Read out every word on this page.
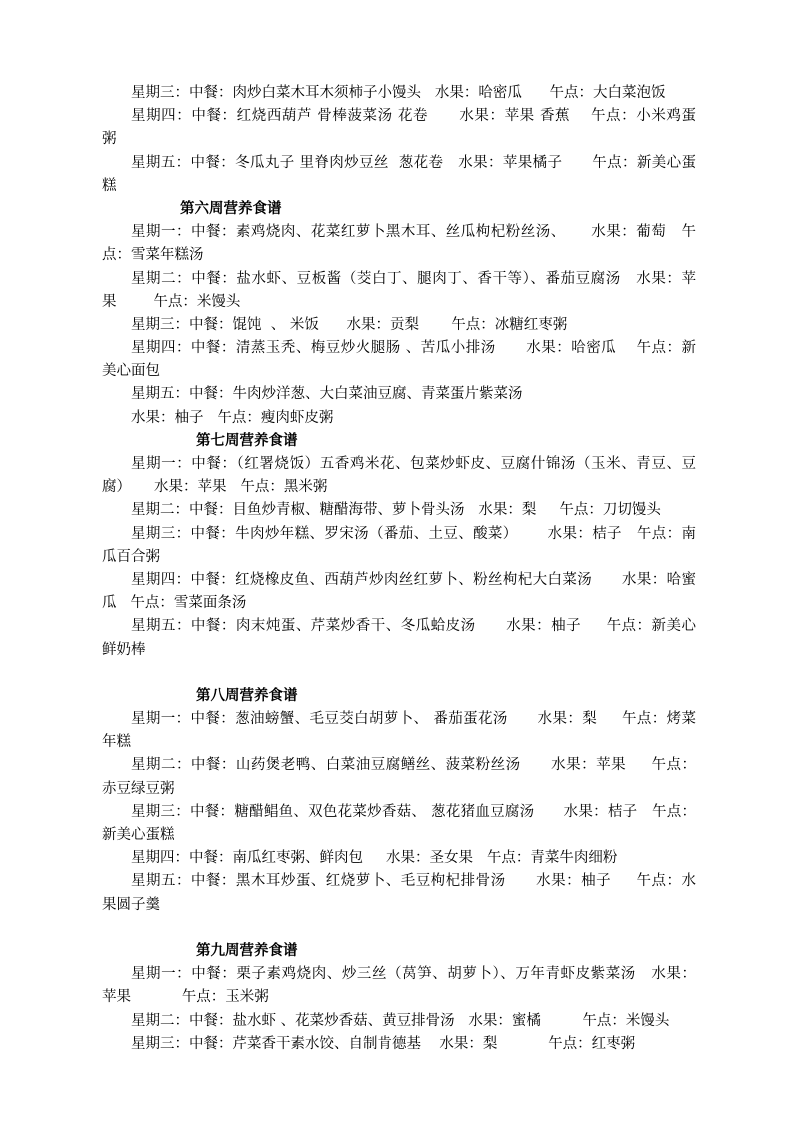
星期三：中餐：肉炒白菜木耳木须柿子小馒头   水果：哈密瓜      午点：大白菜泡饭
星期四：中餐：红烧西葫芦 骨棒菠菜汤 花卷      水果：苹果 香蕉    午点：小米鸡蛋
粥
星期五：中餐：冬瓜丸子 里脊肉炒豆丝  葱花卷   水果：苹果橘子      午点：新美心蛋
糕
第六周营养食谱
星期一：中餐：素鸡烧肉、花菜红萝卜黑木耳、丝瓜枸杞粉丝汤、     水果：葡萄   午
点：雪菜年糕汤
星期二：中餐：盐水虾、豆板酱（茭白丁、腿肉丁、香干等）、番茄豆腐汤   水果：苹
果        午点：米馒头
星期三：中餐：馄饨  、 米饭      水果：贡梨       午点：冰糖红枣粥
星期四：中餐：清蒸玉秃、梅豆炒火腿肠 、苦瓜小排汤      水果：哈密瓜    午点：新
美心面包
星期五：中餐：牛肉炒洋葱、大白菜油豆腐、青菜蛋片紫菜汤
水果：柚子   午点：瘦肉虾皮粥
第七周营养食谱
星期一：中餐：（红署烧饭）五香鸡米花、包菜炒虾皮、豆腐什锦汤（玉米、青豆、豆
腐）     水果：苹果   午点：黑米粥
星期二：中餐：目鱼炒青椒、糖醋海带、萝卜骨头汤   水果：梨     午点：刀切馒头
星期三：中餐：牛肉炒年糕、罗宋汤（番茄、土豆、酸菜）      水果：桔子   午点：南
瓜百合粥
星期四：中餐：红烧橡皮鱼、西葫芦炒肉丝红萝卜、粉丝枸杞大白菜汤      水果：哈蜜
瓜   午点：雪菜面条汤
星期五：中餐：肉末炖蛋、芹菜炒香干、冬瓜蛤皮汤      水果：柚子     午点：新美心
鲜奶棒
第八周营养食谱
星期一：中餐：葱油螃蟹、毛豆茭白胡萝卜、 番茄蛋花汤      水果：梨     午点：烤菜
年糕
星期二：中餐：山药煲老鸭、白菜油豆腐鳝丝、菠菜粉丝汤      水果：苹果     午点：
赤豆绿豆粥
星期三：中餐：糖醋鲳鱼、双色花菜炒香菇、 葱花猪血豆腐汤      水果：桔子   午点：
新美心蛋糕
星期四：中餐：南瓜红枣粥、鲜肉包     水果：圣女果   午点：青菜牛肉细粉
星期五：中餐：黑木耳炒蛋、红烧萝卜、毛豆枸杞排骨汤      水果：柚子     午点：水
果圆子羹
第九周营养食谱
星期一：中餐：栗子素鸡烧肉、炒三丝（莴笋、胡萝卜）、万年青虾皮紫菜汤   水果：
苹果           午点：玉米粥
星期二：中餐：盐水虾 、花菜炒香菇、黄豆排骨汤   水果：蜜橘         午点：米馒头
星期三：中餐：芹菜香干素水饺、自制肯德基    水果：梨           午点：红枣粥
